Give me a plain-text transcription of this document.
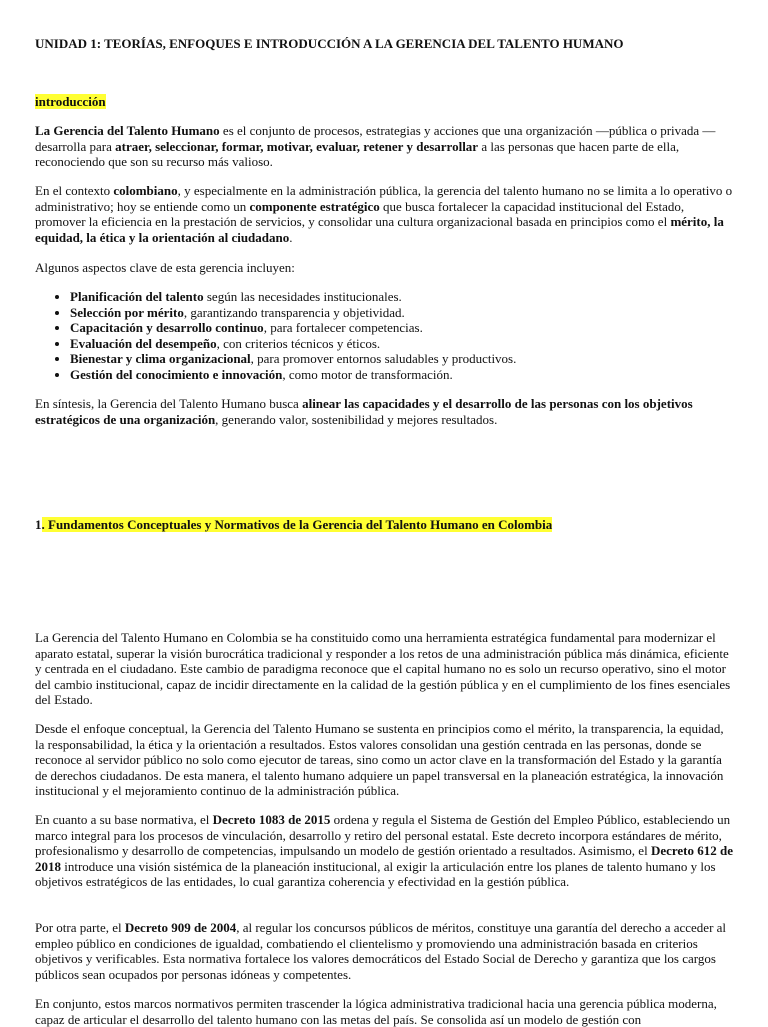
UNIDAD 1: TEORÍAS, ENFOQUES E INTRODUCCIÓN A LA GERENCIA DEL TALENTO HUMANO

introducción

La Gerencia del Talento Humano es el conjunto de procesos, estrategias y acciones que una organización —pública o privada — desarrolla para atraer, seleccionar, formar, motivar, evaluar, retener y desarrollar a las personas que hacen parte de ella, reconociendo que son su recurso más valioso.

En el contexto colombiano, y especialmente en la administración pública, la gerencia del talento humano no se limita a lo operativo o administrativo; hoy se entiende como un componente estratégico que busca fortalecer la capacidad institucional del Estado, promover la eficiencia en la prestación de servicios, y consolidar una cultura organizacional basada en principios como el mérito, la equidad, la ética y la orientación al ciudadano.

Algunos aspectos clave de esta gerencia incluyen:

• Planificación del talento según las necesidades institucionales.
• Selección por mérito, garantizando transparencia y objetividad.
• Capacitación y desarrollo continuo, para fortalecer competencias.
• Evaluación del desempeño, con criterios técnicos y éticos.
• Bienestar y clima organizacional, para promover entornos saludables y productivos.
• Gestión del conocimiento e innovación, como motor de transformación.

En síntesis, la Gerencia del Talento Humano busca alinear las capacidades y el desarrollo de las personas con los objetivos estratégicos de una organización, generando valor, sostenibilidad y mejores resultados.

1. Fundamentos Conceptuales y Normativos de la Gerencia del Talento Humano en Colombia

La Gerencia del Talento Humano en Colombia se ha constituido como una herramienta estratégica fundamental para modernizar el aparato estatal, superar la visión burocrática tradicional y responder a los retos de una administración pública más dinámica, eficiente y centrada en el ciudadano. Este cambio de paradigma reconoce que el capital humano no es solo un recurso operativo, sino el motor del cambio institucional, capaz de incidir directamente en la calidad de la gestión pública y en el cumplimiento de los fines esenciales del Estado.

Desde el enfoque conceptual, la Gerencia del Talento Humano se sustenta en principios como el mérito, la transparencia, la equidad, la responsabilidad, la ética y la orientación a resultados. Estos valores consolidan una gestión centrada en las personas, donde se reconoce al servidor público no solo como ejecutor de tareas, sino como un actor clave en la transformación del Estado y la garantía de derechos ciudadanos. De esta manera, el talento humano adquiere un papel transversal en la planeación estratégica, la innovación institucional y el mejoramiento continuo de la administración pública.

En cuanto a su base normativa, el Decreto 1083 de 2015 ordena y regula el Sistema de Gestión del Empleo Público, estableciendo un marco integral para los procesos de vinculación, desarrollo y retiro del personal estatal. Este decreto incorpora estándares de mérito, profesionalismo y desarrollo de competencias, impulsando un modelo de gestión orientado a resultados. Asimismo, el Decreto 612 de 2018 introduce una visión sistémica de la planeación institucional, al exigir la articulación entre los planes de talento humano y los objetivos estratégicos de las entidades, lo cual garantiza coherencia y efectividad en la gestión pública.

Por otra parte, el Decreto 909 de 2004, al regular los concursos públicos de méritos, constituye una garantía del derecho a acceder al empleo público en condiciones de igualdad, combatiendo el clientelismo y promoviendo una administración basada en criterios objetivos y verificables. Esta normativa fortalece los valores democráticos del Estado Social de Derecho y garantiza que los cargos públicos sean ocupados por personas idóneas y competentes.

En conjunto, estos marcos normativos permiten trascender la lógica administrativa tradicional hacia una gerencia pública moderna, capaz de articular el desarrollo del talento humano con las metas del país. Se consolida así un modelo de gestión con
